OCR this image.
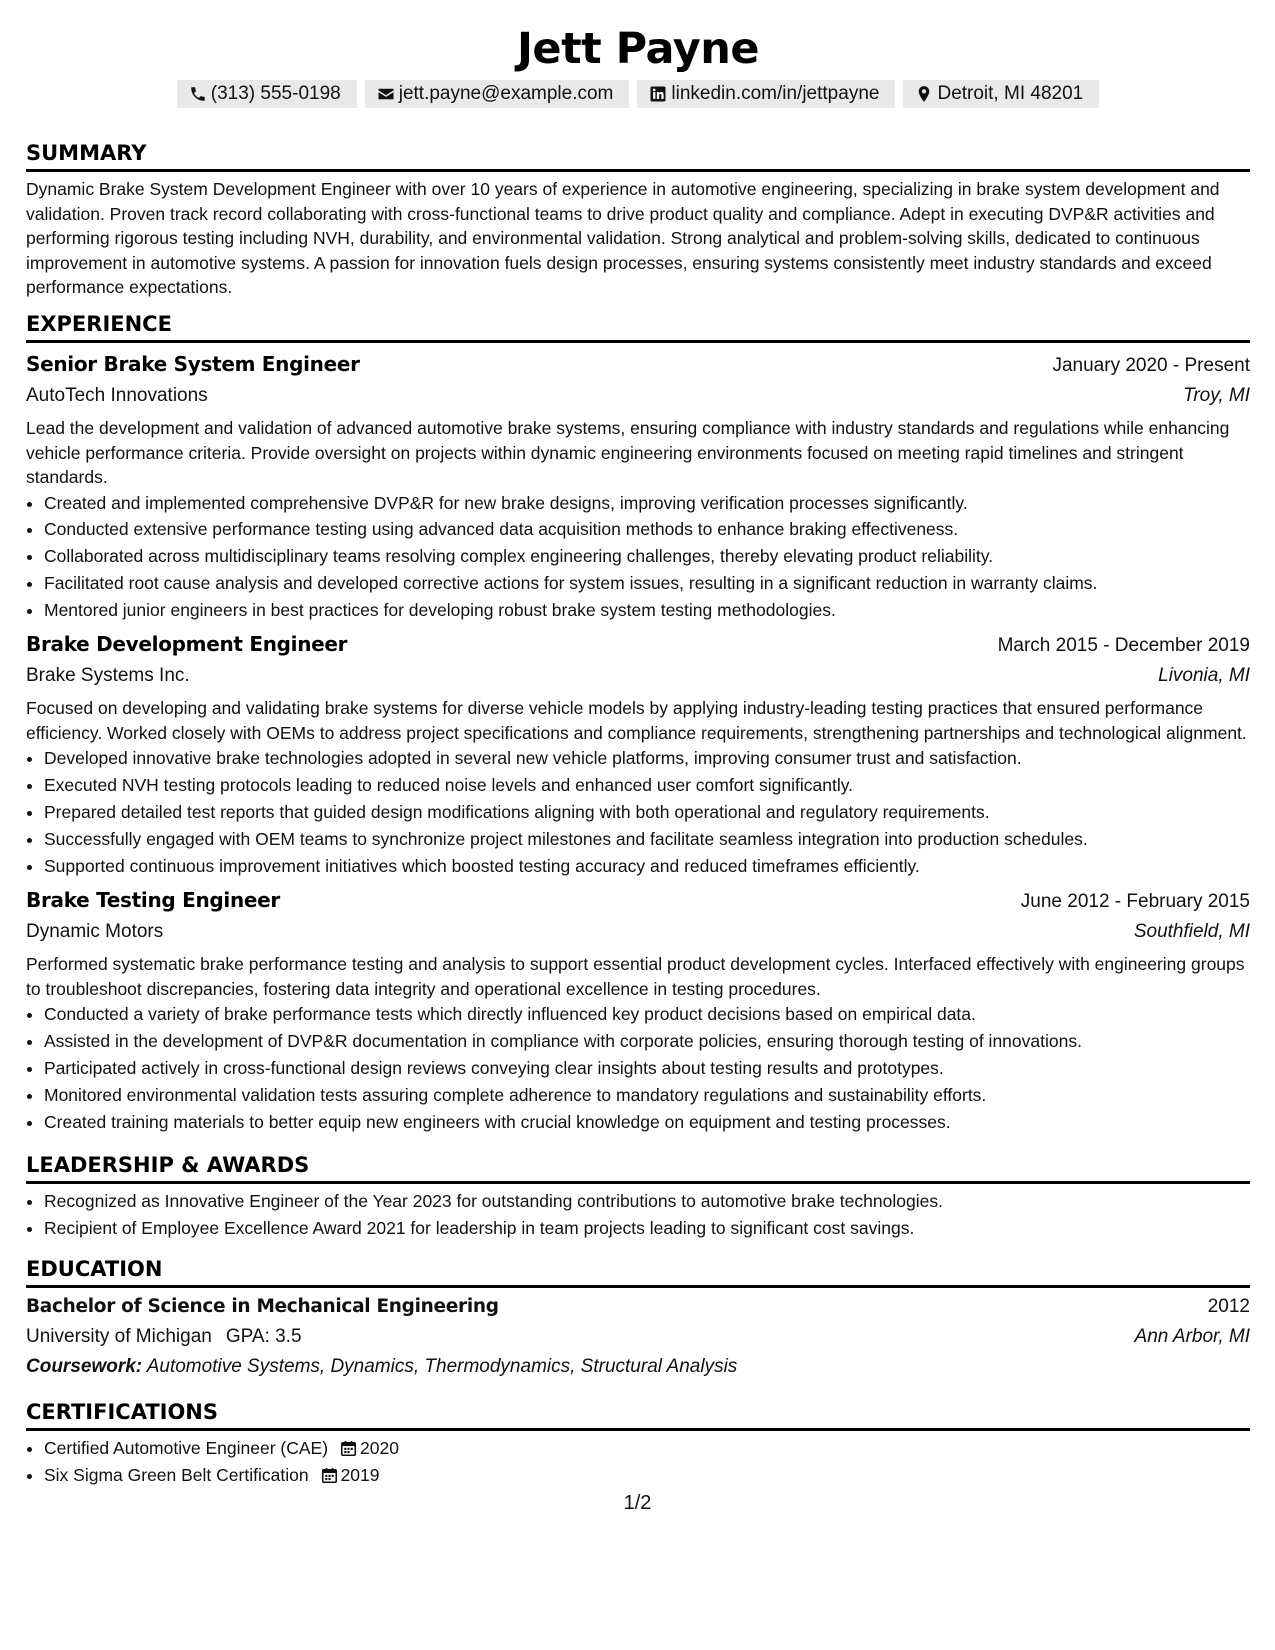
Jett Payne
(313) 555-0198	jett.payne@example.com	linkedin.com/in/jettpayne	Detroit, MI 48201
SUMMARY

Dynamic Brake System Development Engineer with over 10 years of experience in automotive engineering, specializing in brake system development and validation. Proven track record collaborating with cross-functional teams to drive product quality and compliance. Adept in executing DVP&R activities and performing rigorous testing including NVH, durability, and environmental validation. Strong analytical and problem-solving skills, dedicated to continuous improvement in automotive systems. A passion for innovation fuels design processes, ensuring systems consistently meet industry standards and exceed performance expectations.

EXPERIENCE
Senior Brake System Engineer	January 2020 - Present
AutoTech Innovations	Troy, MI

Lead the development and validation of advanced automotive brake systems, ensuring compliance with industry standards and regulations while enhancing vehicle performance criteria. Provide oversight on projects within dynamic engineering environments focused on meeting rapid timelines and stringent standards.

• Created and implemented comprehensive DVP&R for new brake designs, improving verification processes significantly.
• Conducted extensive performance testing using advanced data acquisition methods to enhance braking effectiveness.
• Collaborated across multidisciplinary teams resolving complex engineering challenges, thereby elevating product reliability.
• Facilitated root cause analysis and developed corrective actions for system issues, resulting in a significant reduction in warranty claims.
• Mentored junior engineers in best practices for developing robust brake system testing methodologies.
Brake Development Engineer	March 2015 - December 2019
Brake Systems Inc.	Livonia, MI

Focused on developing and validating brake systems for diverse vehicle models by applying industry-leading testing practices that ensured performance efficiency. Worked closely with OEMs to address project specifications and compliance requirements, strengthening partnerships and technological alignment.

• Developed innovative brake technologies adopted in several new vehicle platforms, improving consumer trust and satisfaction.
• Executed NVH testing protocols leading to reduced noise levels and enhanced user comfort significantly.
• Prepared detailed test reports that guided design modifications aligning with both operational and regulatory requirements.
• Successfully engaged with OEM teams to synchronize project milestones and facilitate seamless integration into production schedules.
• Supported continuous improvement initiatives which boosted testing accuracy and reduced timeframes efficiently.
Brake Testing Engineer	June 2012 - February 2015
Dynamic Motors	Southfield, MI

Performed systematic brake performance testing and analysis to support essential product development cycles. Interfaced effectively with engineering groups to troubleshoot discrepancies, fostering data integrity and operational excellence in testing procedures.

• Conducted a variety of brake performance tests which directly influenced key product decisions based on empirical data.
• Assisted in the development of DVP&R documentation in compliance with corporate policies, ensuring thorough testing of innovations.
• Participated actively in cross-functional design reviews conveying clear insights about testing results and prototypes.
• Monitored environmental validation tests assuring complete adherence to mandatory regulations and sustainability efforts.
• Created training materials to better equip new engineers with crucial knowledge on equipment and testing processes.
LEADERSHIP & AWARDS
• Recognized as Innovative Engineer of the Year 2023 for outstanding contributions to automotive brake technologies.
• Recipient of Employee Excellence Award 2021 for leadership in team projects leading to significant cost savings.
EDUCATION
Bachelor of Science in Mechanical Engineering	2012
University of Michigan GPA: 3.5	Ann Arbor, MI
Coursework: Automotive Systems, Dynamics, Thermodynamics, Structural Analysis
CERTIFICATIONS
• Certified Automotive Engineer (CAE) 2020
• Six Sigma Green Belt Certification 2019
1/2
